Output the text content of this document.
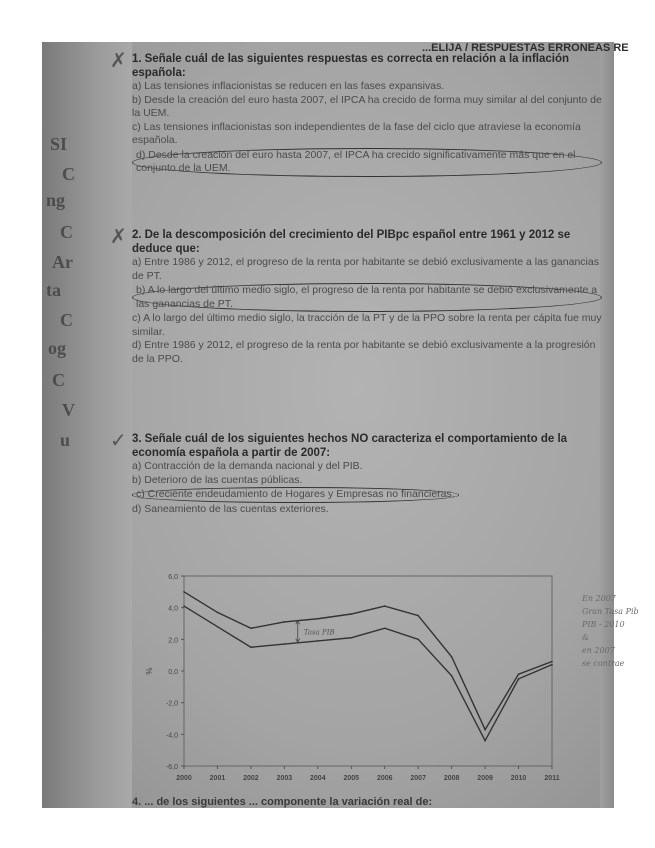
SI
C
ng
C
Ar
ta
C
og
C
V
u
...ELIJA / RESPUESTAS ERRONEAS RE
✗ 1. Señale cuál de las siguientes respuestas es correcta en relación a la inflación española:
a) Las tensiones inflacionistas se reducen en las fases expansivas.
b) Desde la creación del euro hasta 2007, el IPCA ha crecido de forma muy similar al del conjunto de la UEM.
c) Las tensiones inflacionistas son independientes de la fase del ciclo que atraviese la economía española.
d) Desde la creación del euro hasta 2007, el IPCA ha crecido significativamente más que en el conjunto de la UEM.
✗ 2. De la descomposición del crecimiento del PIBpc español entre 1961 y 2012 se deduce que:
a) Entre 1986 y 2012, el progreso de la renta por habitante se debió exclusivamente a las ganancias de PT.
b) A lo largo del último medio siglo, el progreso de la renta por habitante se debió exclusivamente a las ganancias de PT.
c) A lo largo del último medio siglo, la tracción de la PT y de la PPO sobre la renta per cápita fue muy similar.
d) Entre 1986 y 2012, el progreso de la renta por habitante se debió exclusivamente a la progresión de la PPO.
✓ 3. Señale cuál de los siguientes hechos NO caracteriza el comportamiento de la economía española a partir de 2007:
a) Contracción de la demanda nacional y del PIB.
b) Deterioro de las cuentas públicas.
c) Creciente endeudamiento de Hogares y Empresas no financieras.
d) Saneamiento de las cuentas exteriores.
6,0
4,0
2,0
0,0
-2,0
-4,0
-6,0
2000	2001	2002	2003	2004	2005	2006	2007	2008	2009	2010	2011
%
Tasa PIB
En 2007
Gran Tasa Pib
PIB - 2010
&
en 2007
se contrae
4. ... de los siguientes ... componente la variación real de:
